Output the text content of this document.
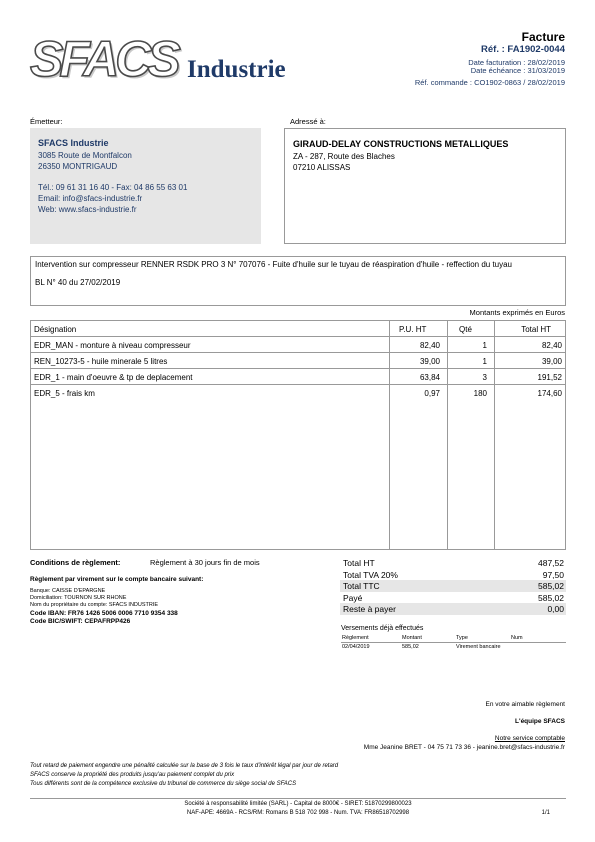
SFACS Industrie
Facture
Réf. : FA1902-0044
Date facturation : 28/02/2019
Date échéance : 31/03/2019
Réf. commande : CO1902-0863 / 28/02/2019
Émetteur:
SFACS Industrie
3085 Route de Montfalcon
26350 MONTRIGAUD
Tél.: 09 61 31 16 40 - Fax: 04 86 55 63 01
Email: info@sfacs-industrie.fr
Web: www.sfacs-industrie.fr
Adressé à:
GIRAUD-DELAY CONSTRUCTIONS METALLIQUES
ZA - 287, Route des Blaches
07210 ALISSAS
Intervention sur compresseur RENNER RSDK PRO 3 N° 707076 - Fuite d'huile sur le tuyau de réaspiration d'huile - reffection du tuyau
BL N° 40 du 27/02/2019
Montants exprimés en Euros
Désignation	P.U. HT	Qté	Total HT
EDR_MAN - monture à niveau compresseur	82,40	1	82,40
REN_10273-5 - huile minerale 5 litres	39,00	1	39,00
EDR_1 - main d'oeuvre & tp de deplacement	63,84	3	191,52
EDR_5 - frais km	0,97	180	174,60
Conditions de règlement:	Règlement à 30 jours fin de mois
Règlement par virement sur le compte bancaire suivant:
Banque: CAISSE D'EPARGNE
Domiciliation: TOURNON SUR RHONE
Nom du propriétaire du compte: SFACS INDUSTRIE
Code IBAN: FR76 1426 5006 0006 7710 9354 338
Code BIC/SWIFT: CEPAFRPP426
Total HT	487,52
Total TVA 20%	97,50
Total TTC	585,02
Payé	585,02
Reste à payer	0,00
Versements déjà effectués
Règlement	Montant	Type	Num
02/04/2019	585,02	Virement bancaire
En votre aimable règlement
L'équipe SFACS
Notre service comptable
Mme Jeanine BRET - 04 75 71 73 36 - jeanine.bret@sfacs-industrie.fr
Tout retard de paiement engendre une pénalité calculée sur la base de 3 fois le taux d'intérêt légal par jour de retard
SFACS conserve la propriété des produits jusqu'au paiement complet du prix
Tous différents sont de la compétence exclusive du tribunal de commerce du siège social de SFACS
Société à responsabilité limitée (SARL) - Capital de 8000€ - SIRET: 51870299800023
NAF-APE: 4669A - RCS/RM: Romans B 518 702 998 - Num. TVA: FR86518702998	1/1
